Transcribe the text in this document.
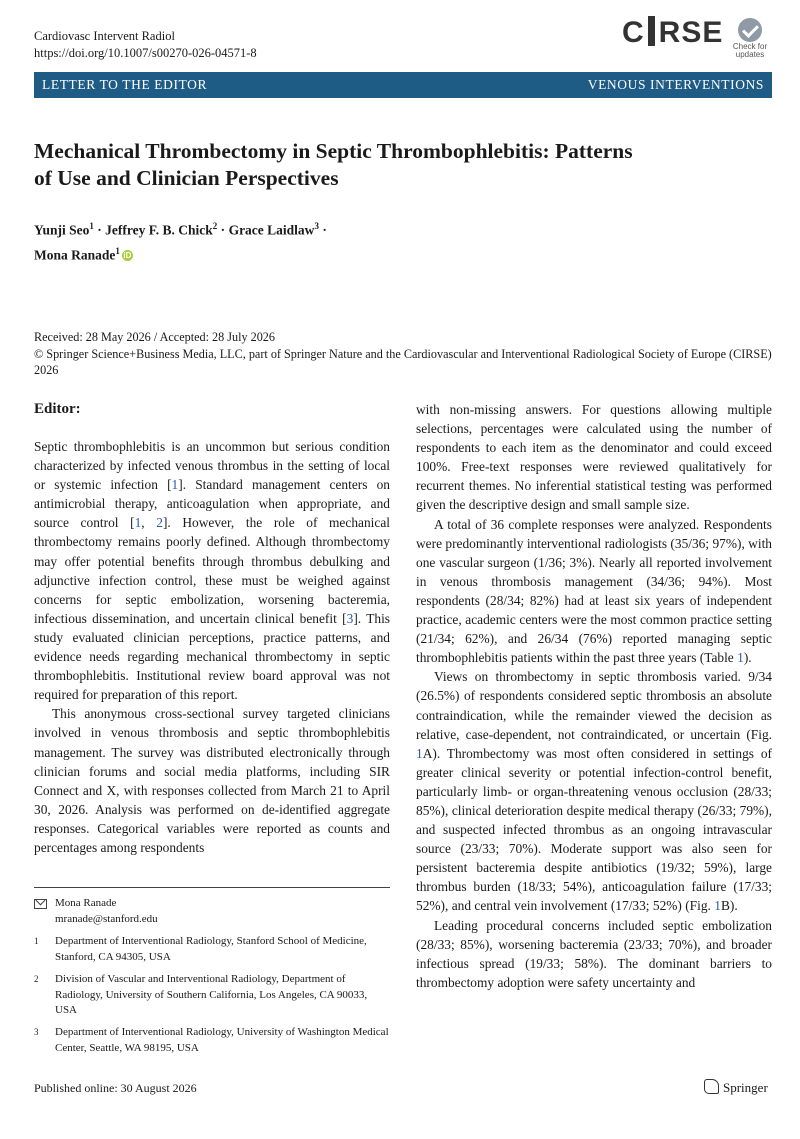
Cardiovasc Intervent Radiol
https://doi.org/10.1007/s00270-026-04571-8
C RSE	Check for
updates
LETTER TO THE EDITOR	VENOUS INTERVENTIONS
Mechanical Thrombectomy in Septic Thrombophlebitis: Patterns
of Use and Clinician Perspectives
Yunji Seo$^1$ · Jeffrey F. B. Chick$^2$ · Grace Laidlaw$^3$ ·
Mona Ranade$^1$ iD
Received: 28 May 2026 / Accepted: 28 July 2026
© Springer Science+Business Media, LLC, part of Springer Nature and the Cardiovascular and Interventional Radiological Society of Europe (CIRSE) 2026

Editor:

Septic thrombophlebitis is an uncommon but serious condition characterized by infected venous thrombus in the setting of local or systemic infection [1]. Standard management centers on antimicrobial therapy, anticoagulation when appropriate, and source control [1, 2]. However, the role of mechanical thrombectomy remains poorly defined. Although thrombectomy may offer potential benefits through thrombus debulking and adjunctive infection control, these must be weighed against concerns for septic embolization, worsening bacteremia, infectious dissemination, and uncertain clinical benefit [3]. This study evaluated clinician perceptions, practice patterns, and evidence needs regarding mechanical thrombectomy in septic thrombophlebitis. Institutional review board approval was not required for preparation of this report.

This anonymous cross-sectional survey targeted clinicians involved in venous thrombosis and septic thrombophlebitis management. The survey was distributed electronically through clinician forums and social media platforms, including SIR Connect and X, with responses collected from March 21 to April 30, 2026. Analysis was performed on de-identified aggregate responses. Categorical variables were reported as counts and percentages among respondents

with non-missing answers. For questions allowing multiple selections, percentages were calculated using the number of respondents to each item as the denominator and could exceed 100%. Free-text responses were reviewed qualitatively for recurrent themes. No inferential statistical testing was performed given the descriptive design and small sample size.

A total of 36 complete responses were analyzed. Respondents were predominantly interventional radiologists (35/36; 97%), with one vascular surgeon (1/36; 3%). Nearly all reported involvement in venous thrombosis management (34/36; 94%). Most respondents (28/34; 82%) had at least six years of independent practice, academic centers were the most common practice setting (21/34; 62%), and 26/34 (76%) reported managing septic thrombophlebitis patients within the past three years (Table 1).

Views on thrombectomy in septic thrombosis varied. 9/34 (26.5%) of respondents considered septic thrombosis an absolute contraindication, while the remainder viewed the decision as relative, case-dependent, not contraindicated, or uncertain (Fig. 1A). Thrombectomy was most often considered in settings of greater clinical severity or potential infection-control benefit, particularly limb- or organ-threatening venous occlusion (28/33; 85%), clinical deterioration despite medical therapy (26/33; 79%), and suspected infected thrombus as an ongoing intravascular source (23/33; 70%). Moderate support was also seen for persistent bacteremia despite antibiotics (19/32; 59%), large thrombus burden (18/33; 54%), anticoagulation failure (17/33; 52%), and central vein involvement (17/33; 52%) (Fig. 1B).

Leading procedural concerns included septic embolization (28/33; 85%), worsening bacteremia (23/33; 70%), and broader infectious spread (19/33; 58%). The dominant barriers to thrombectomy adoption were safety uncertainty and

Mona Ranade
mranade@stanford.edu
1 Department of Interventional Radiology, Stanford School of Medicine, Stanford, CA 94305, USA
2 Division of Vascular and Interventional Radiology, Department of Radiology, University of Southern California, Los Angeles, CA 90033, USA
3 Department of Interventional Radiology, University of Washington Medical Center, Seattle, WA 98195, USA
Published online: 30 August 2026	Springer
